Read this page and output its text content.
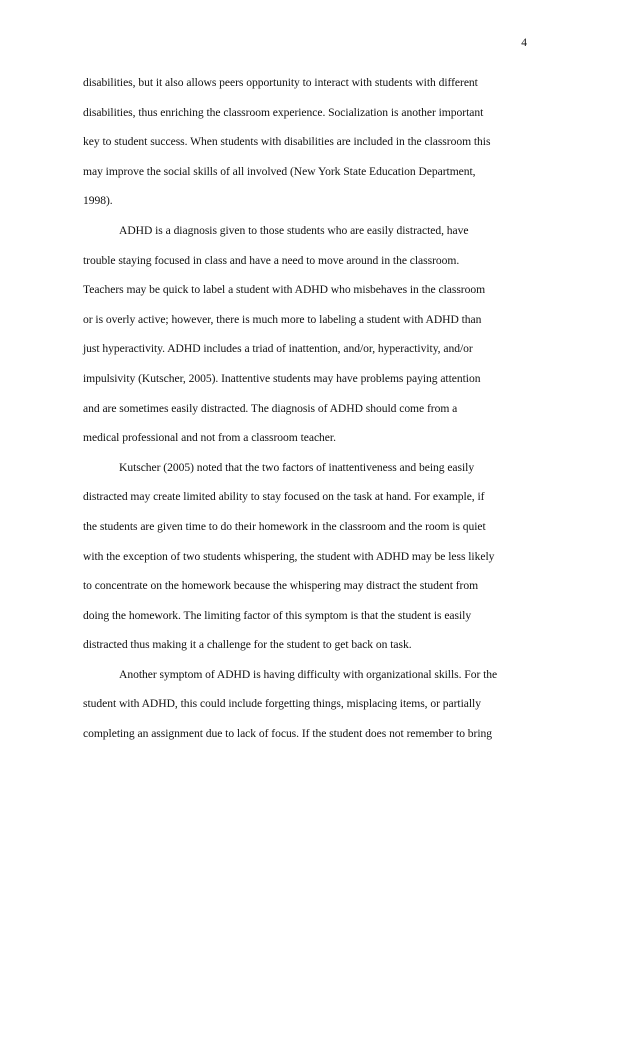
4
disabilities, but it also allows peers opportunity to interact with students with different
disabilities, thus enriching the classroom experience. Socialization is another important
key to student success. When students with disabilities are included in the classroom this
may improve the social skills of all involved (New York State Education Department,
1998).
ADHD is a diagnosis given to those students who are easily distracted, have
trouble staying focused in class and have a need to move around in the classroom.
Teachers may be quick to label a student with ADHD who misbehaves in the classroom
or is overly active; however, there is much more to labeling a student with ADHD than
just hyperactivity. ADHD includes a triad of inattention, and/or, hyperactivity, and/or
impulsivity (Kutscher, 2005). Inattentive students may have problems paying attention
and are sometimes easily distracted. The diagnosis of ADHD should come from a
medical professional and not from a classroom teacher.
Kutscher (2005) noted that the two factors of inattentiveness and being easily
distracted may create limited ability to stay focused on the task at hand. For example, if
the students are given time to do their homework in the classroom and the room is quiet
with the exception of two students whispering, the student with ADHD may be less likely
to concentrate on the homework because the whispering may distract the student from
doing the homework. The limiting factor of this symptom is that the student is easily
distracted thus making it a challenge for the student to get back on task.
Another symptom of ADHD is having difficulty with organizational skills. For the
student with ADHD, this could include forgetting things, misplacing items, or partially
completing an assignment due to lack of focus. If the student does not remember to bring
